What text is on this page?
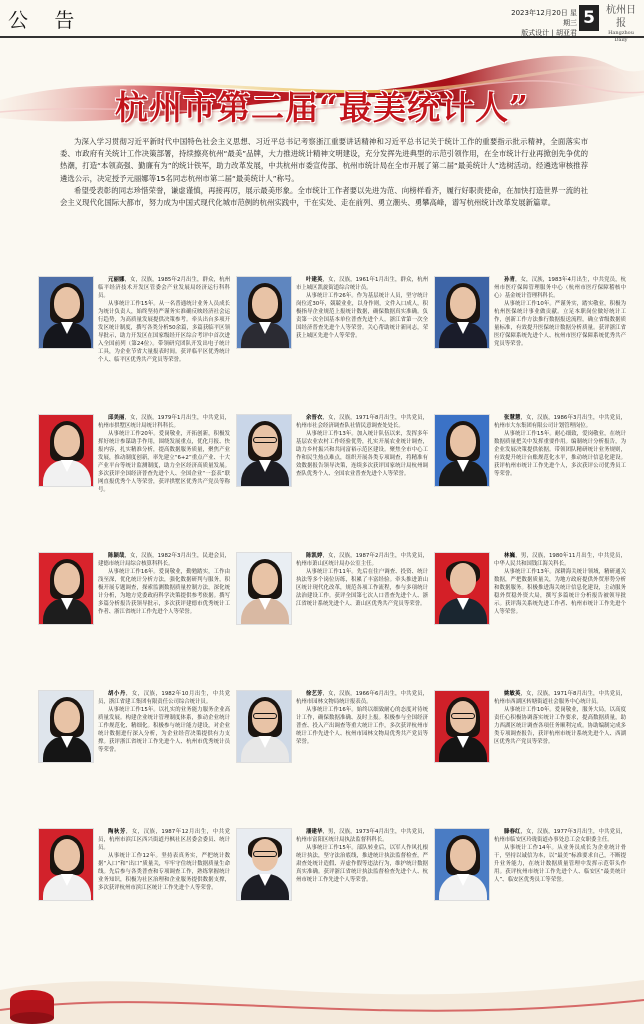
公 告	2023年12月20日 星期三
版式设计 | 胡亚君
5	杭州日报
Hangzhou Daily
杭州市第二届“最美统计人”

为深入学习贯彻习近平新时代中国特色社会主义思想、习近平总书记考察浙江重要讲话精神和习近平总书记关于统计工作的重要指示批示精神，全面落实市委、市政府有关统计工作决策部署，持续擦亮杭州“最美”品牌，大力推进统计精神文明建设，充分发挥先进典型的示范引领作用，在全市统计行业再掀创先争优的热潮，打造“本领高强、勤廉有为”的统计铁军，助力改革发展，中共杭州市委宣传部、杭州市统计局在全市开展了第二届“最美统计人”选树活动。经遴选审核推荐遴选公示，决定授予元丽娜等15名同志杭州市第二届“最美统计人”称号。

希望受表彰的同志珍惜荣誉，谦虚谨慎，再接再厉，展示最美形象。全市统计工作者要以先进为范、向榜样看齐，履行好职责使命，在加快打造世界一流的社会主义现代化国际大都市，努力成为中国式现代化城市范例的杭州实践中，干在实处、走在前列、勇立潮头、勇攀高峰，谱写杭州统计改革发展新篇章。

元丽娜，女，汉族，1985年2月出生，群众，杭州临平经济技术开发区管委会产业发展局经济运行科科员。

从事统计工作15年。从一名普通统计业务人员成长为统计负责人，始终坚持严谨务实准确反映经济社会运行趋势，为高质量发展提供决策参考。牵头出台多项开发区统计制度，撰写各类分析50余篇，多篇获临平区领导批示，助力开发区在国家级经开区综合考评中首次进入全国前列（第24位）。带领研究团队开发出电子统计工具，为企业节省大量报表时间。获评临平区优秀统计个人、临平区优秀共产党员等荣誉。

叶建英，女，汉族，1961年1月出生，群众，杭州市上城区凯旋街道综合统计员。

从事统计工作26年。作为基层统计人员，坚守统计岗位近30年，兢兢业业，以身作则，文件入口成人，积极指导企业规范上报统计数据，确保数据真实准确。负责第一次全国基本单位普查先进个人，浙江省第一次全国经济普查先进个人等荣誉。关心帮助统计新同志，荣获上城区先进个人等荣誉。

孙青，女，汉族，1983年4月出生，中共党员，杭州市医疗保障管理服务中心（杭州市医疗保障稽核中心）基金统计管理科科长。

从事统计工作10年。严谨务实，踏实敬业，积极为杭州医保统计事业做贡献。立足本职岗位做好统计工作，创新工作方法推行数据报送流程，确立省级数据质量标准，有效提升医保统计数据分析质量。获评浙江省医疗保障系统先进个人、杭州市医疗保障系统优秀共产党员等荣誉。

邱美丽，女，汉族，1979年1月出生，中共党员，杭州市拱墅区统计局统计科科长。

从事统计工作20年。爱岗敬业，开拓创新，积极发挥好统计参谋助手作用，围绕发展重点，优化月报、快报内容，扎实精准分析，提高数据服务质量，聚焦产业发展，推动制度创新，率先建立“6+2”重点产业、十大产业平台等统计监测制度，助力全区经济高质量发展。多次获评全国经济普查先进个人、全国企业“一套表”联网直报优秀个人等荣誉，获评拱墅区优秀共产党员等称号。

余晋衣，女，汉族，1971年8月出生，中共党员，杭州市社会经济调查队社情民意调查处处长。

从事统计工作13年。加入统计队伍以来，发挥多年基层农业农村工作经验优势，扎实开展农业统计调查，助力乡村振兴和共同富裕示范区建设。聚焦全市中心工作和民生热点难点，组织开展各类专项调查，将精准有效数据报告领导决策，连续多次获评国家统计局杭州调查队优秀个人、全国农业普查先进个人等荣誉。

张慧慧，女，汉族，1986年3月出生，中共党员，杭州市大东集团有限公司计划管理岗位。

从事统计工作15年。耐心细致，爱岗敬业，在统计数据质量把关中发挥重要作用。编制统计分析报告，为企业发展决策提供依据。带领团队精研统计业务规则，有效提升统计台账规范化水平，推动统计信息化建设。获评杭州市统计工作先进个人，多次获评公司优秀员工等荣誉。

陈颖哉，女，汉族，1982年3月出生，民进会员，建德市统计局综合核算科科长。

从事统计工作16年。爱岗敬业，勤勉踏实，工作由浅至深，优化统计分析方法，强化数据研判与服务，积极开展专题调查，探索监测数据质量控制方法，深化统计分析，为地方党委政府科学决策提供参考依据。撰写多篇分析报告获领导批示，多次获评建德市优秀统计工作者、浙江省统计工作先进个人等荣誉。

陈凯婷，女，汉族，1987年2月出生，中共党员，杭州市萧山区统计局办公室主任。

从事统计工作11年。先后在住户调查、投资、统计执法等多个岗位历练，积累了丰富经验。牵头推进萧山区统计现代化改革，规范各项工作流程，参与多项统计法治建设工作。获评全国第七次人口普查先进个人、浙江省统计系统先进个人、萧山区优秀共产党员等荣誉。

林巍，男，汉族，1980年11月出生，中共党员，中华人民共和国钱江海关科长。

从事统计工作13年。深耕海关统计领域，精研通关数据，严把数据质量关，为地方政府提供外贸形势分析和数据服务。积极推进海关统计信息化建设，主动服务稳外贸稳外资大局，撰写多篇统计分析报告被领导批示。获评海关系统先进工作者、杭州市统计工作先进个人等荣誉。

胡小丹，女，汉族，1982年10月出生，中共党员，浙江省建工集团有限责任公司综合统计员。

从事统计工作15年。以扎实的业务能力服务企业高质量发展。构建企业统计管理制度体系，推动企业统计工作规范化、精细化。积极参与统计能力建设，对企业统计数据进行深入分析，为企业经营决策提供有力支撑。获评浙江省统计工作先进个人、杭州市优秀统计员等荣誉。

徐艺芳，女，汉族，1966年6月出生，中共党员，杭州市园林文物局统计报表员。

从事统计工作16年。始终以细致耐心的态度对待统计工作，确保数据准确、及时上报。积极参与全国经济普查、投入产出调查等重大统计工作，多次获评杭州市统计工作先进个人、杭州市园林文物局优秀共产党员等荣誉。

姚敏英，女，汉族，1971年8月出生，中共党员，杭州市西湖区转塘街道社会服务中心统计员。

从事统计工作10年。爱岗敬业，服务大局，以高度责任心积极协调落实统计工作要求，提高数据质量，助力西湖区统计调查各项任务顺利完成。协助编制完成多类专项调查报告，获评杭州市统计系统先进个人、西湖区优秀共产党员等荣誉。

陶秋芳，女，汉族，1987年12月出生，中共党员，杭州市滨江区西兴街道丹枫社区居委会委员、统计员。

从事统计工作12年。坚持表真务实，严把统计数据“入口”和“出口”质量关，牢牢守住统计数据质量生命线。先后参与各类普查和专项调查工作，熟练掌握统计业务知识，积极为社区治理和企业服务提供数据支撑，多次获评杭州市滨江区统计工作先进个人等荣誉。

潘建华，男，汉族，1973年4月出生，中共党员，杭州市富阳区统计局执法监督科科长。

从事统计工作15年。部队转业后，以军人作风扎根统计执法，坚守法治底线，推进统计执法监督检查，严肃查处统计造假、弄虚作假等违法行为，维护统计数据真实准确。获评浙江省统计执法监督检查先进个人、杭州市统计工作先进个人等荣誉。

滕春红，女，汉族，1977年3月出生，中共党员，杭州市临安区玲珑街道办事处总工会女职委主任。

从事统计工作14年。从业务员成长为企业统计骨干，坚持以诚信为本，以“最美”标准要求自己，不断提升业务能力，在统计数据质量管理中发挥示范带头作用。获评杭州市统计工作先进个人、临安区“最美统计人”、临安区优秀员工等荣誉。
